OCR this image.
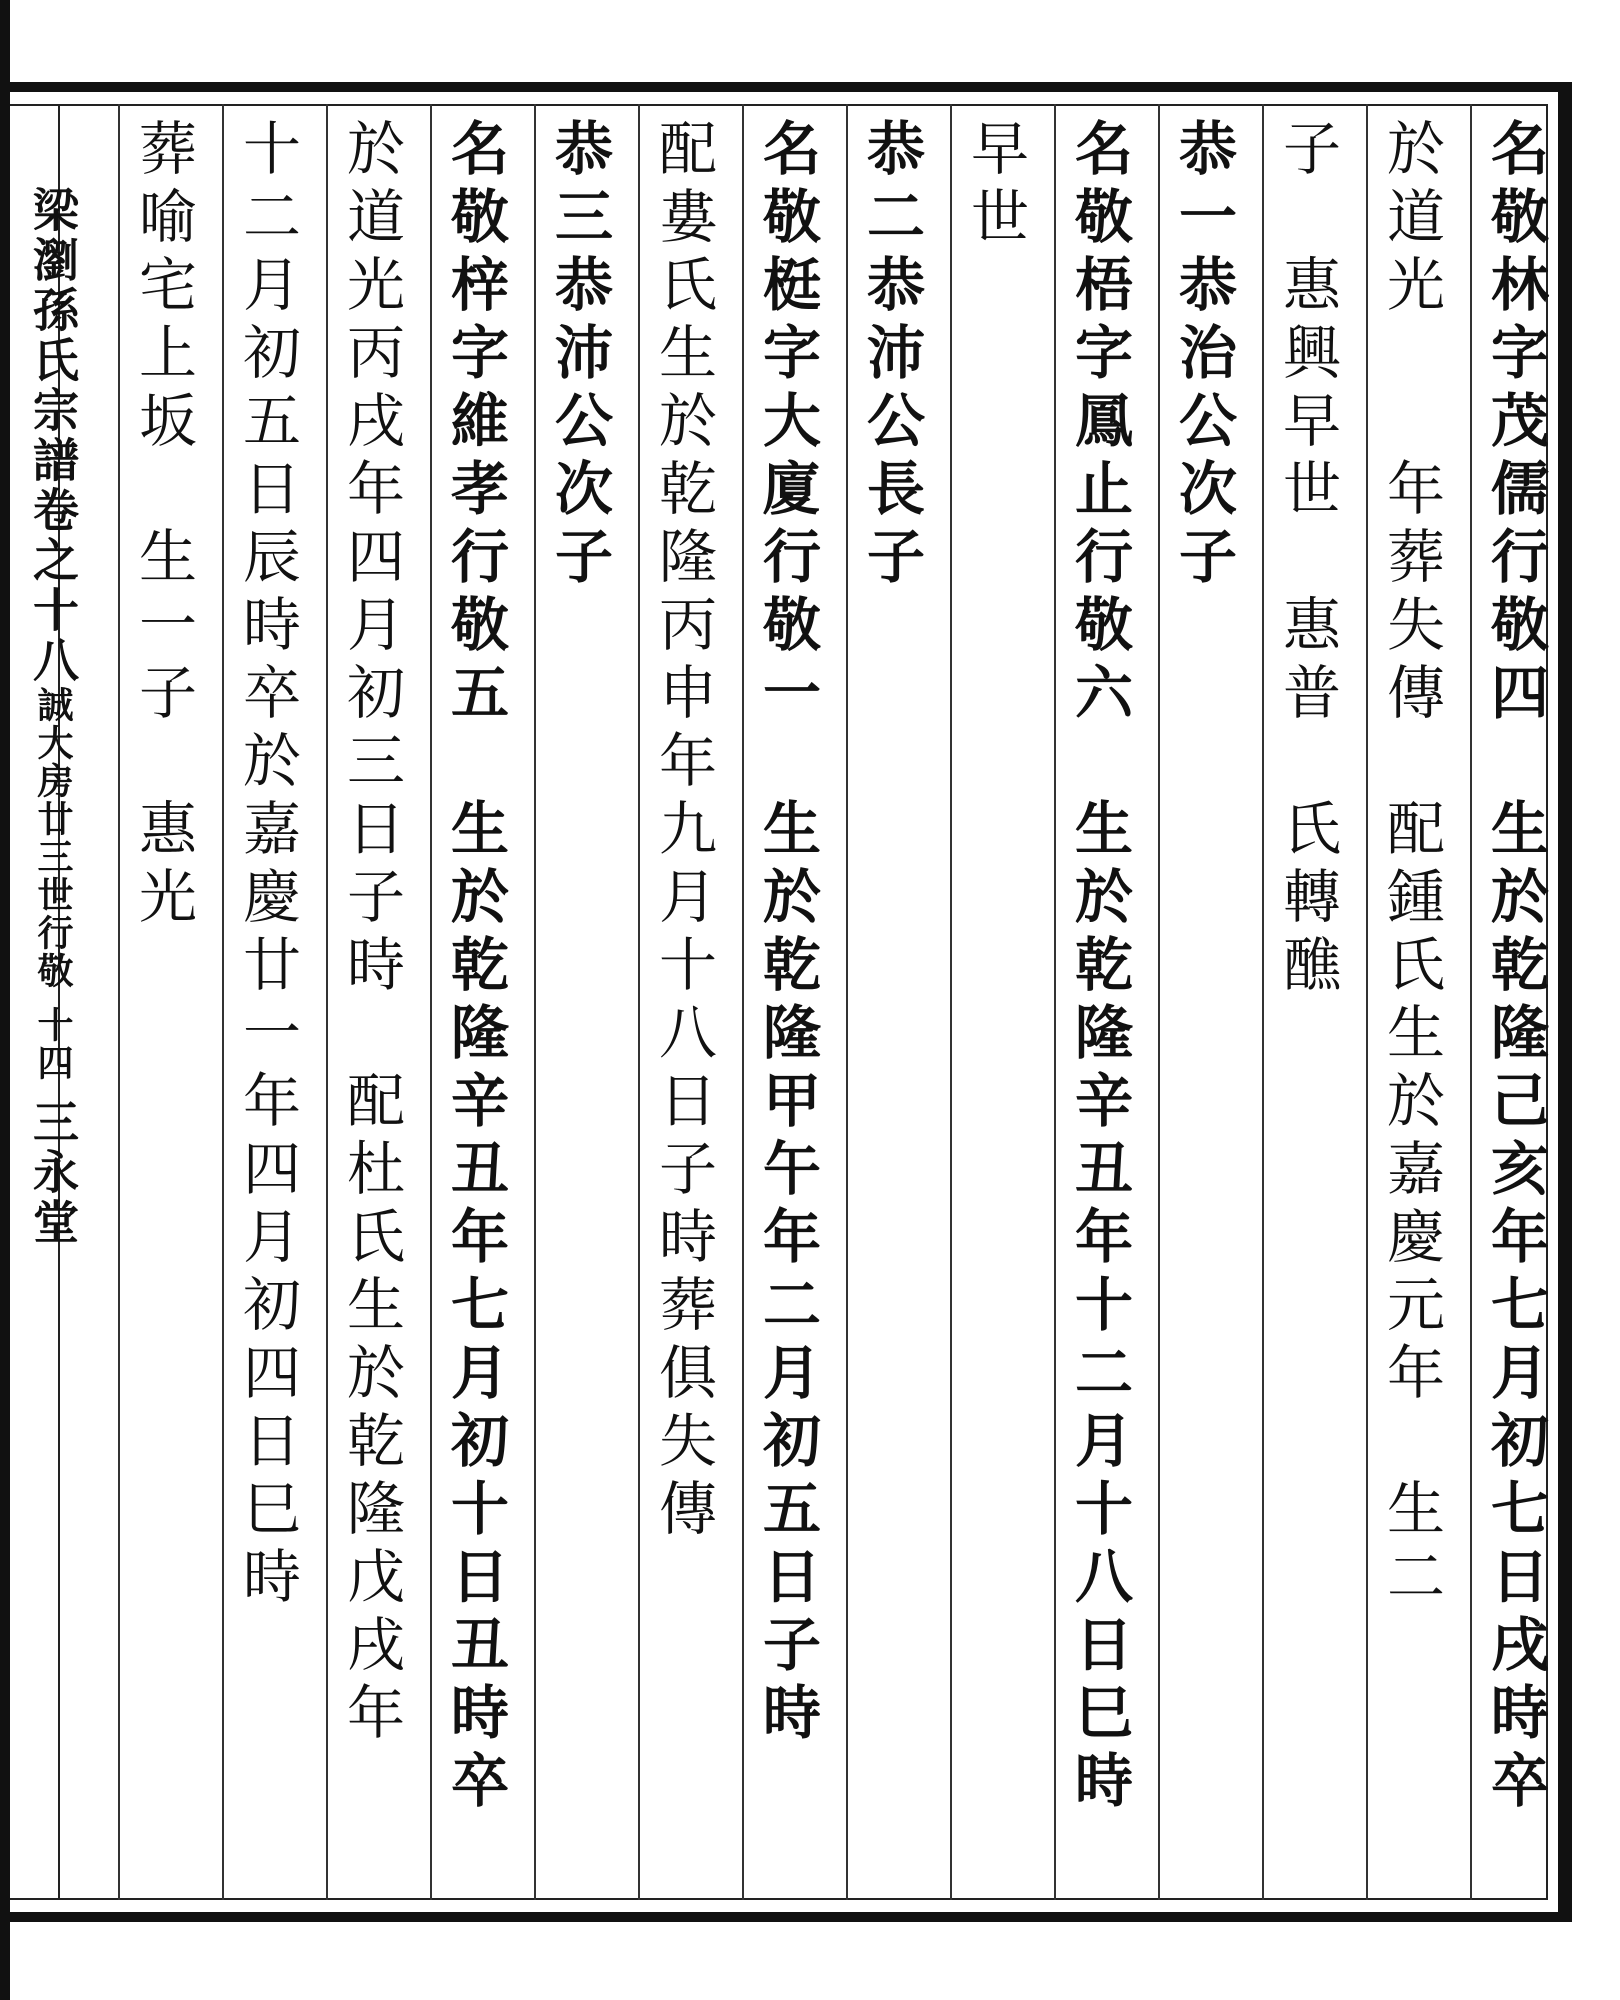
梁瀏孫氏宗譜卷之十八誠大房廿三世行敬　十四　三永堂
	名敬林字茂儒行敬四　生於乾隆己亥年七月初七日戌時卒
於道光　　年葬失傳　配鍾氏生於嘉慶元年　生二
子　惠興早世　惠普　氏轉醮
恭一恭治公次子
名敬梧字鳳止行敬六　生於乾隆辛丑年十二月十八日巳時
早世
恭二恭沛公長子
名敬梃字大廈行敬一　生於乾隆甲午年二月初五日子時
配婁氏生於乾隆丙申年九月十八日子時葬俱失傳
恭三恭沛公次子
名敬梓字維孝行敬五　生於乾隆辛丑年七月初十日丑時卒
於道光丙戌年四月初三日子時　配杜氏生於乾隆戊戌年
十二月初五日辰時卒於嘉慶廿一年四月初四日巳時
葬喻宅上坂　生一子　惠光
